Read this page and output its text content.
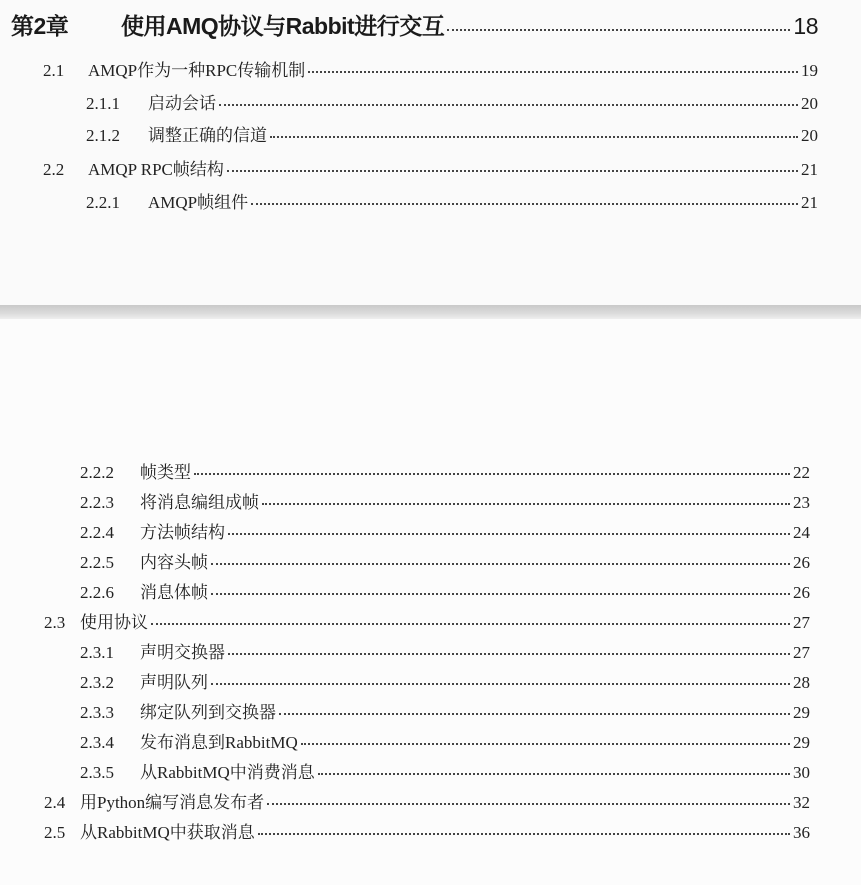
第2章	使用AMQ协议与Rabbit进行交互	18
2.1	AMQP作为一种RPC传输机制	19
2.1.1	启动会话	20
2.1.2	调整正确的信道	20
2.2	AMQP RPC帧结构	21
2.2.1	AMQP帧组件	21
2.2.2	帧类型	22
2.2.3	将消息编组成帧	23
2.2.4	方法帧结构	24
2.2.5	内容头帧	26
2.2.6	消息体帧	26
2.3 使用协议	27
2.3.1	声明交换器	27
2.3.2	声明队列	28
2.3.3	绑定队列到交换器	29
2.3.4	发布消息到RabbitMQ	29
2.3.5	从RabbitMQ中消费消息	30
2.4 用Python编写消息发布者	32
2.5 从RabbitMQ中获取消息	36
